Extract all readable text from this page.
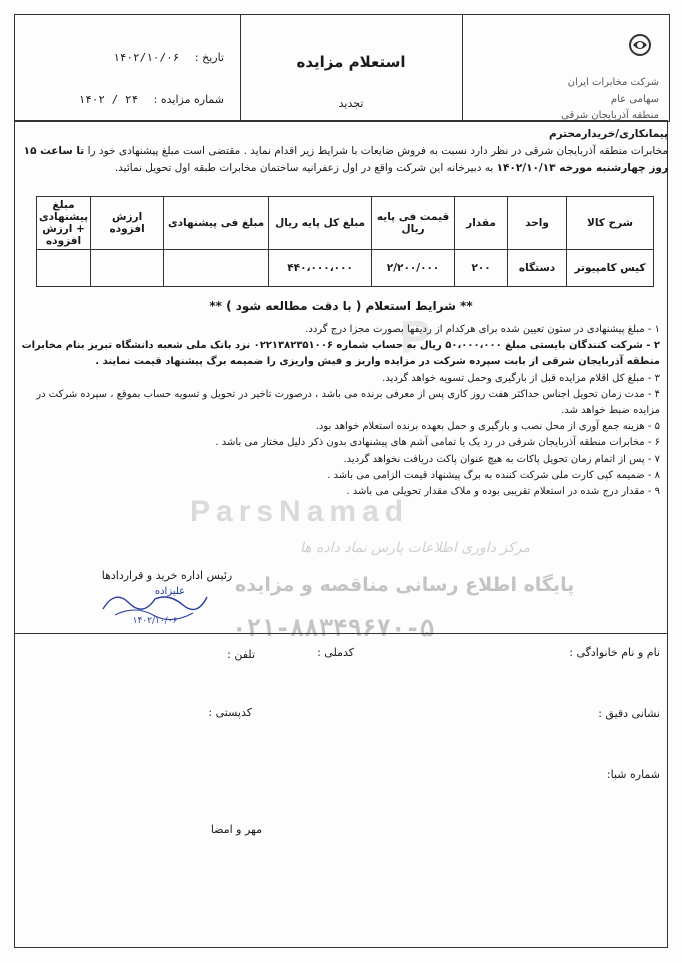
شرکت مخابرات ایران
سهامی عام
منطقه آذربایجان شرقی
استعلام مزایده
تجدید
تاریخ : ۱۴۰۲/۱۰/۰۶
شماره مزایده : ۲۴ / ۱۴۰۲
پیمانکاری/خریدارمحترم
مخابرات منطقه آذربایجان شرقی در نظر دارد نسبت به فروش ضایعات با شرایط زیر اقدام نماید . مقتضی است مبلغ پیشنهادی خود را تا ساعت ۱۵
روز چهارشنبه مورخه ۱۴۰۲/۱۰/۱۳ به دبیرخانه این شرکت واقع در اول زعفرانیه ساختمان مخابرات طبقه اول تحویل نمائید.
شرح کالا	واحد	مقدار	قیمت فی پایه ریال	مبلغ کل پایه ریال	مبلغ فی پیشنهادی	ارزش افزوده	مبلغ پیشنهادی + ارزش افزوده
کیس کامپیوتر	دستگاه	۲۰۰	۲/۲۰۰/۰۰۰	۴۴۰،۰۰۰،۰۰۰			
P
ParsNamad
** شرایط استعلام ( با دقت مطالعه شود ) **

۱ - مبلغ پیشنهادی در ستون تعیین شده برای هرکدام از ردیفها بصورت مجزا درج گردد.

۲ - شرکت کنندگان بایستی مبلغ ۵۰،۰۰۰،۰۰۰ ریال به حساب شماره ۰۲۲۱۳۸۲۳۵۱۰۰۶ نزد بانک ملی شعبه دانشگاه تبریز بنام مخابرات منطقه آذربایجان شرقی از بابت سپرده شرکت در مزایده واریز و فیش واریزی را ضمیمه برگ پیشنهاد قیمت نمایند .

۳ - مبلغ کل اقلام مزایده قبل از بارگیری وحمل تسویه خواهد گردید.

۴ - مدت زمان تحویل اجناس حداکثر هفت روز کاری پس از معرفی برنده می باشد ، درصورت تاخیر در تحویل و تسویه حساب بموقع ، سپرده شرکت در مزایده ضبط خواهد شد.

۵ - هزینه جمع آوری از محل نصب و بارگیری و حمل بعهده برنده استعلام خواهد بود.

۶ - مخابرات منطقه آذربایجان شرقی در رد یک یا تمامی آشم های پیشنهادی بدون ذکر دلیل مختار می باشد .

۷ - پس از اتمام زمان تحویل پاکات به هیچ عنوان پاکت دریافت نخواهد گردید.

۸ - ضمیمه کپی کارت ملی شرکت کننده به برگ پیشنهاد قیمت الزامی می باشد .

۹ - مقدار درج شده در استعلام تقریبی بوده و ملاک مقدار تحویلی می باشد .

مرکز داوری اطلاعات پارس نماد داده ها
پایگاه اطلاع رسانی مناقصه و مزایده
۰۲۱-۸۸۳۴۹۶۷۰-۵
رئیس اداره خرید و قراردادها
۱۴۰۲/۱۰/۰۶
علیزاده
نام و نام خانوادگی :
کدملی :
تلفن :
نشانی دقیق :
کدپستی :
شماره شبا:
مهر و امضا
